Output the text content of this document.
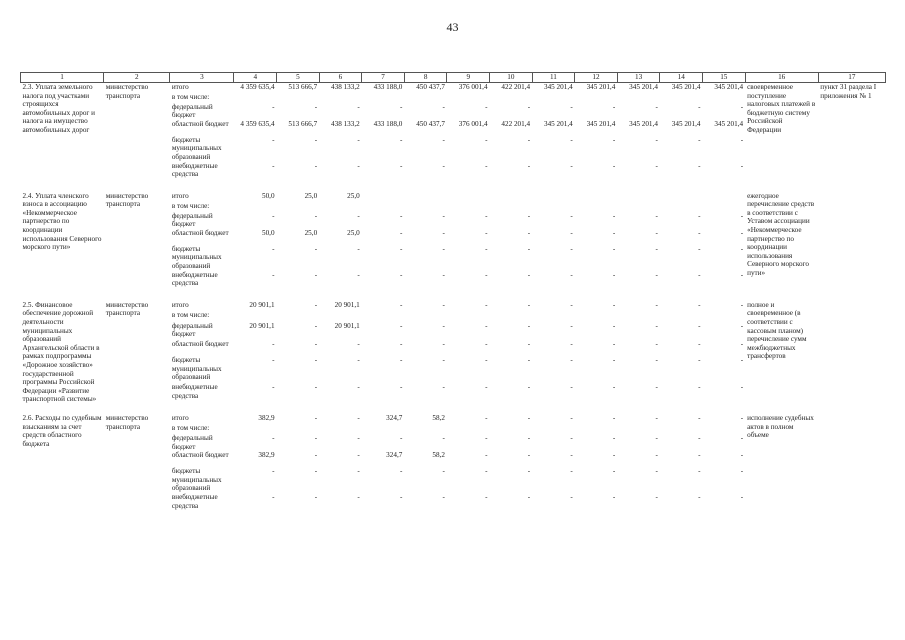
43
1	2	3	4	5	6	7	8	9	10	11	12	13	14	15	16	17
2.3. Уплата земельного налога под участками строящихся автомобильных дорог и налога на имущество автомобильных дорог	министерство транспорта	итого	4 359 635,4	513 666,7	438 133,2	433 188,0	450 437,7	376 001,4	422 201,4	345 201,4	345 201,4	345 201,4	345 201,4	345 201,4	своевременное поступление налоговых платежей в бюджетную систему Российской Федерации	пункт 31 раздела I приложения № 1
		в том числе:														
		федеральный бюджет	-	-	-	-	-	-	-	-	-	-	-	-		
		областной бюджет	4 359 635,4	513 666,7	438 133,2	433 188,0	450 437,7	376 001,4	422 201,4	345 201,4	345 201,4	345 201,4	345 201,4	345 201,4		
		бюджеты муниципальных образований	-	-	-	-	-	-	-	-	-	-	-	-		
		внебюджетные средства	-	-	-	-	-	-	-	-	-	-	-	-		

2.4. Уплата членского взноса в ассоциацию «Некоммерческое партнерство по координации использования Северного морского пути»	министерство транспорта	итого	50,0	25,0	25,0										ежегодное перечисление средств в соответствии с Уставом ассоциации «Некоммерческое партнерство по координации использования Северного морского пути»	
		в том числе:														
		федеральный бюджет	-	-	-	-	-	-	-	-	-	-	-	-		
		областной бюджет	50,0	25,0	25,0	-	-	-	-	-	-	-	-	-		
		бюджеты муниципальных образований	-	-	-	-	-	-	-	-	-	-	-	-		
		внебюджетные средства	-	-	-	-	-	-	-	-	-	-	-	-		

2.5. Финансовое обеспечение дорожной деятельности муниципальных образований Архангельской области в рамках подпрограммы «Дорожное хозяйство» государственной программы Российской Федерации «Развитие транспортной системы»	министерство транспорта	итого	20 901,1	-	20 901,1	-	-	-	-	-	-	-	-	-	полное и своевременное (в соответствии с кассовым планом) перечисление сумм межбюджетных трансфертов	
		в том числе:														
		федеральный бюджет	20 901,1	-	20 901,1	-	-	-	-	-	-	-	-	-		
		областной бюджет	-	-	-	-	-	-	-	-	-	-	-	-		
		бюджеты муниципальных образований	-	-	-	-	-	-	-	-	-	-	-	-		
		внебюджетные средства	-	-	-	-	-	-	-	-	-	-	-	-		

2.6. Расходы по судебным взысканиям за счет средств областного бюджета	министерство транспорта	итого	382,9	-	-	324,7	58,2	-	-	-	-	-	-	-	исполнение судебных актов в полном объеме	
		в том числе:														
		федеральный бюджет	-	-	-	-	-	-	-	-	-	-	-	-		
		областной бюджет	382,9	-	-	324,7	58,2	-	-	-	-	-	-	-		
		бюджеты муниципальных образований	-	-	-	-	-	-	-	-	-	-	-	-		
		внебюджетные средства	-	-	-	-	-	-	-	-	-	-	-	-		
